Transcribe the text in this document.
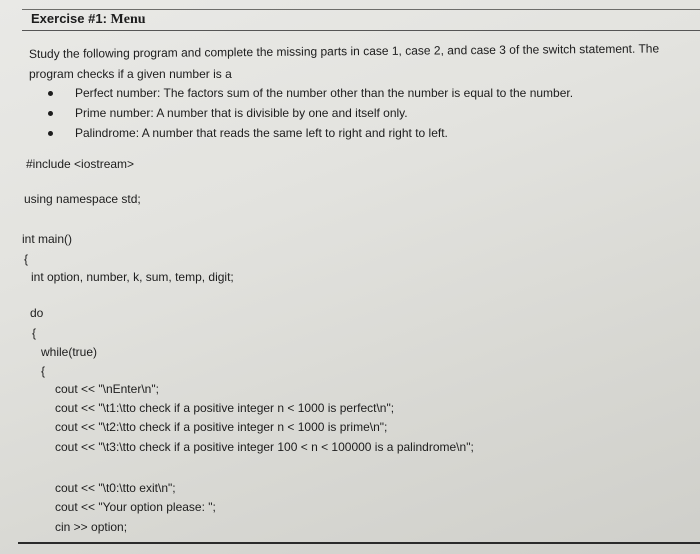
Exercise #1: Menu
Study the following program and complete the missing parts in case 1, case 2, and case 3 of the switch statement. The
program checks if a given number is a
Perfect number: The factors sum of the number other than the number is equal to the number.
Prime number: A number that is divisible by one and itself only.
Palindrome: A number that reads the same left to right and right to left.
#include <iostream>
using namespace std;
int main()
{
int option, number, k, sum, temp, digit;
do
{
while(true)
{
cout << "\nEnter\n";
cout << "\t1:\tto check if a positive integer n < 1000 is perfect\n";
cout << "\t2:\tto check if a positive integer n < 1000 is prime\n";
cout << "\t3:\tto check if a positive integer 100 < n < 100000 is a palindrome\n";
cout << "\t0:\tto exit\n";
cout << "Your option please: ";
cin >> option;
